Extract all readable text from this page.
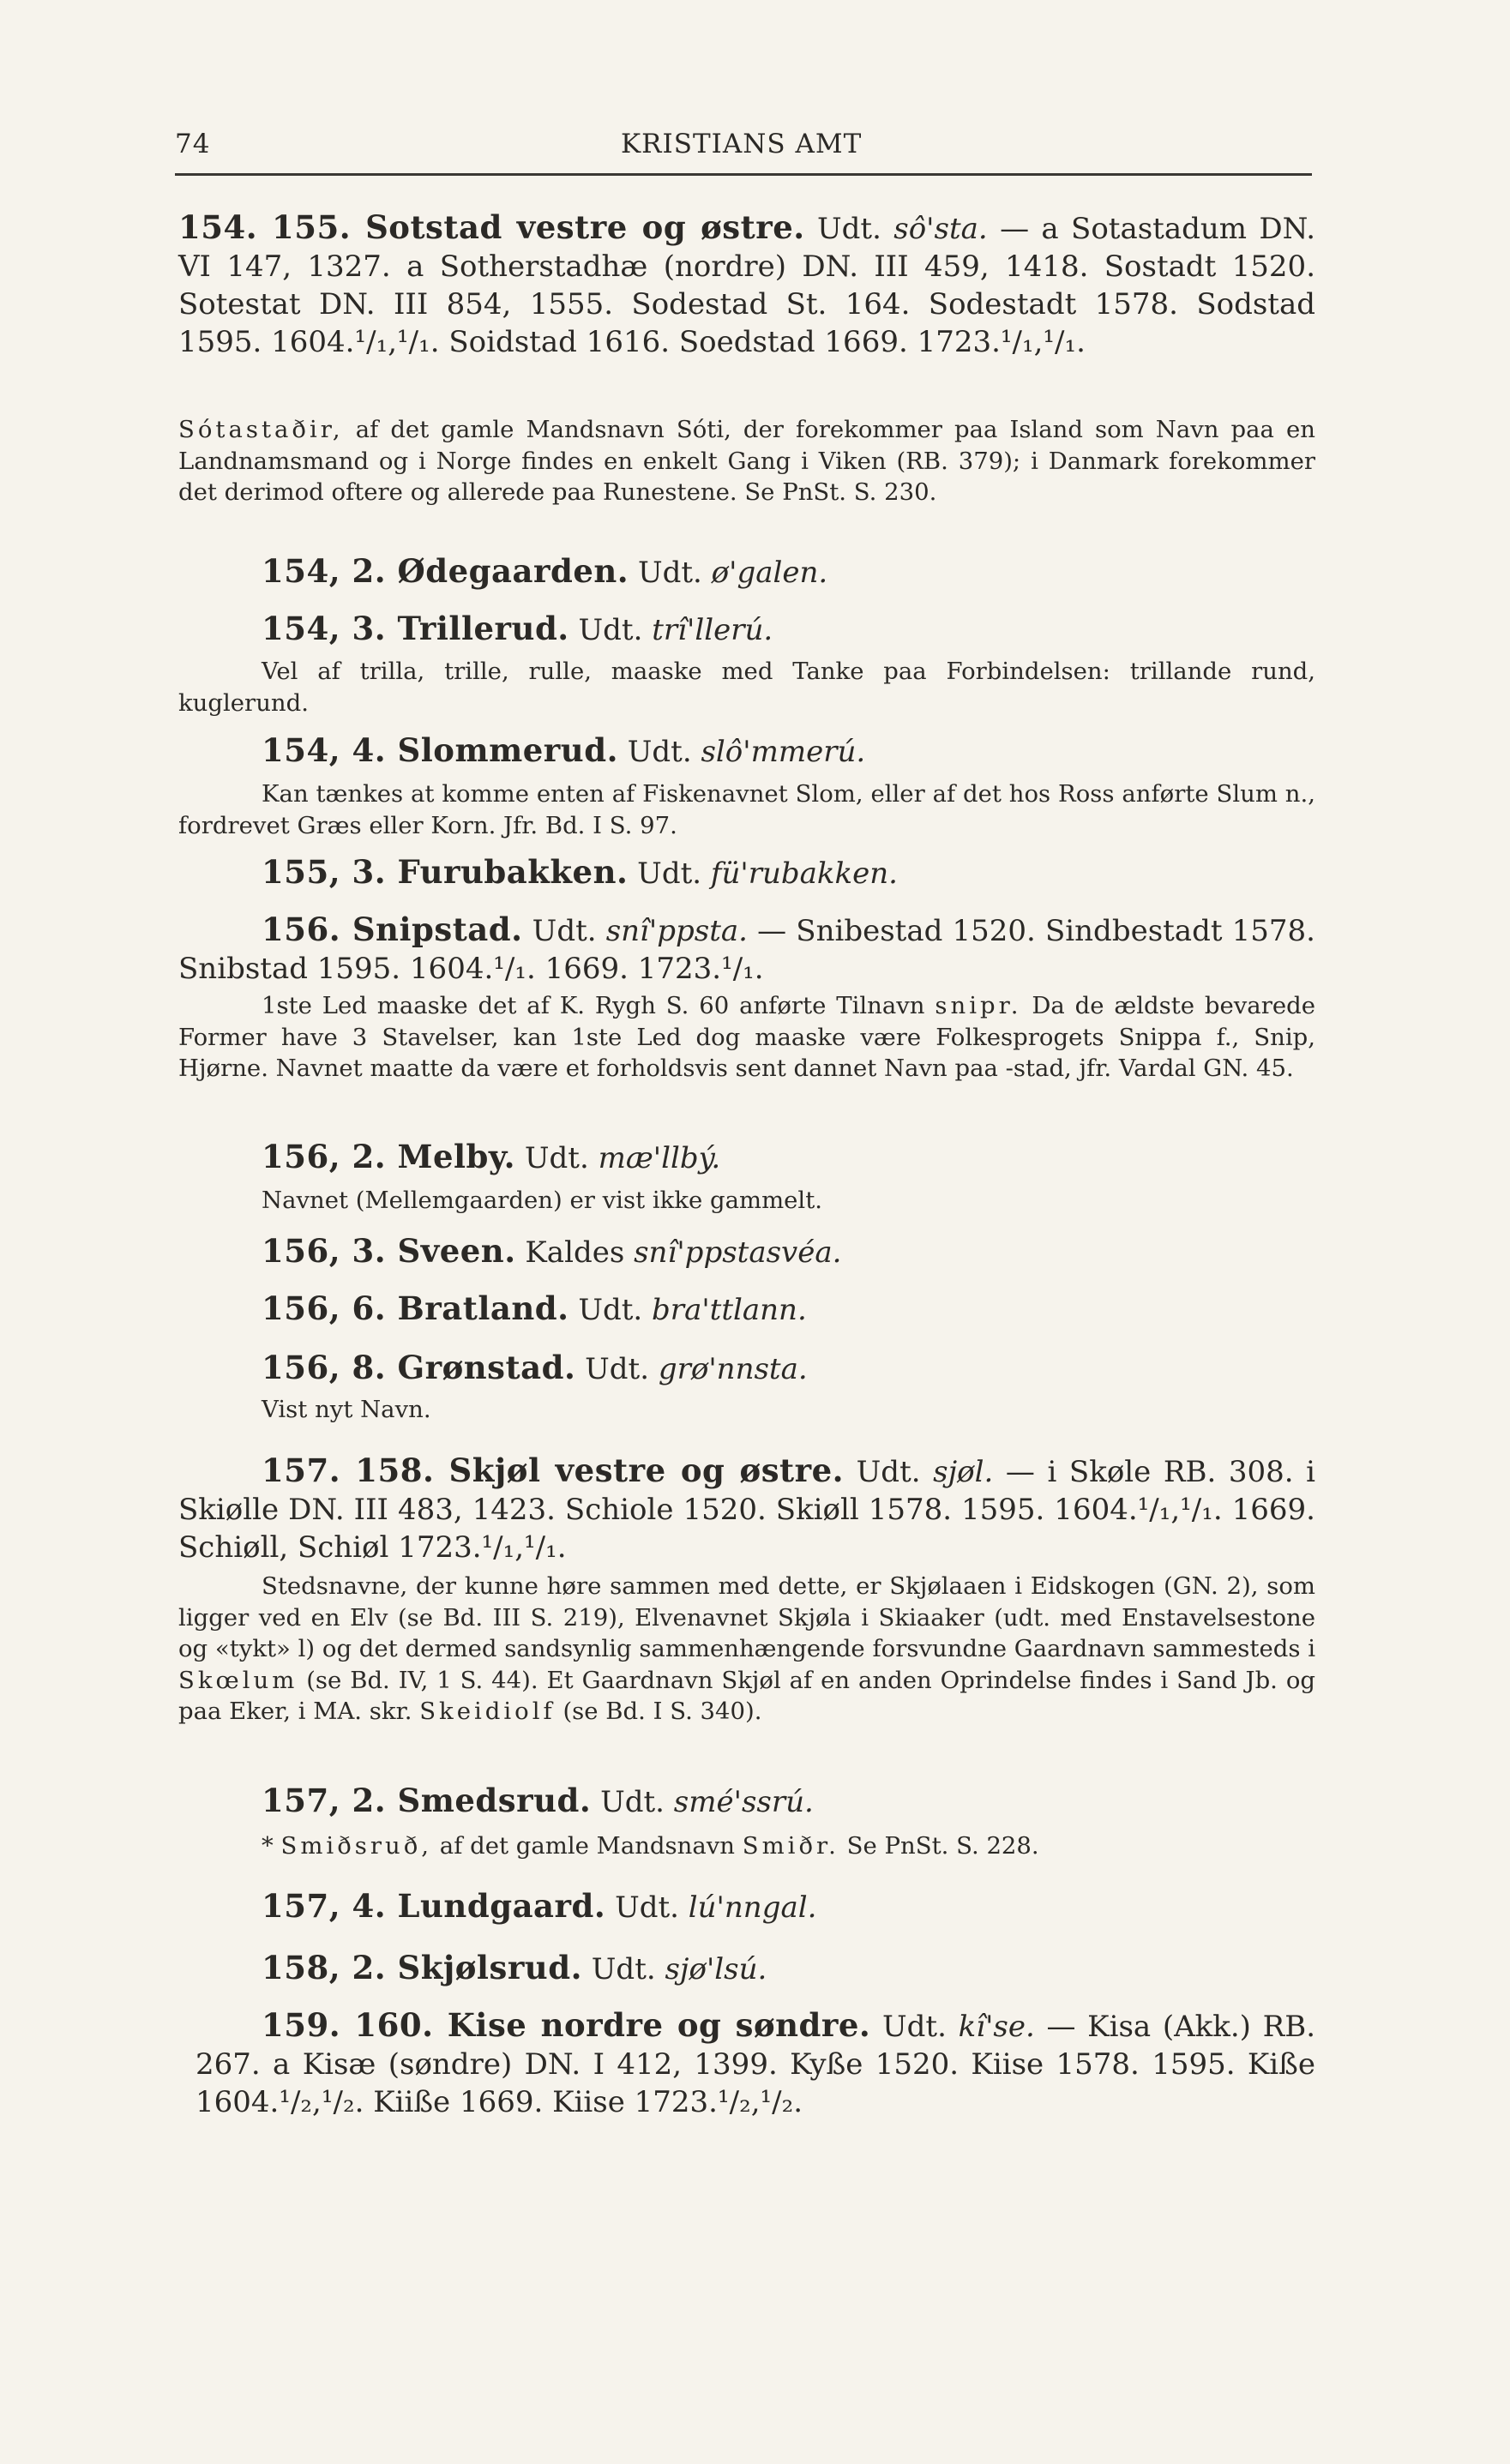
74	KRISTIANS AMT

154. 155. Sotstad vestre og østre. Udt. sô'sta. — a Sotastadum DN. VI 147, 1327. a Sotherstadhæ (nordre) DN. III 459, 1418. Sostadt 1520. Sotestat DN. III 854, 1555. Sodestad St. 164. Sodestadt 1578. Sodstad 1595. 1604.¹/₁,¹/₁. Soidstad 1616. Soedstad 1669. 1723.¹/₁,¹/₁.

Sótastaðir, af det gamle Mandsnavn Sóti, der forekommer paa Island som Navn paa en Landnamsmand og i Norge findes en enkelt Gang i Viken (RB. 379); i Danmark forekommer det derimod oftere og allerede paa Runestene. Se PnSt. S. 230.

154, 2. Ødegaarden. Udt. ø'galen.

154, 3. Trillerud. Udt. trî'llerú.

Vel af trilla, trille, rulle, maaske med Tanke paa Forbindelsen: trillande rund, kuglerund.

154, 4. Slommerud. Udt. slô'mmerú.

Kan tænkes at komme enten af Fiskenavnet Slom, eller af det hos Ross anførte Slum n., fordrevet Græs eller Korn. Jfr. Bd. I S. 97.

155, 3. Furubakken. Udt. fü'rubakken.

156. Snipstad. Udt. snî'ppsta. — Snibestad 1520. Sindbestadt 1578. Snibstad 1595. 1604.¹/₁. 1669. 1723.¹/₁.

1ste Led maaske det af K. Rygh S. 60 anførte Tilnavn snipr. Da de ældste bevarede Former have 3 Stavelser, kan 1ste Led dog maaske være Folkesprogets Snippa f., Snip, Hjørne. Navnet maatte da være et forholdsvis sent dannet Navn paa -stad, jfr. Vardal GN. 45.

156, 2. Melby. Udt. mæ'llbý.

Navnet (Mellemgaarden) er vist ikke gammelt.

156, 3. Sveen. Kaldes snî'ppstasvéa.

156, 6. Bratland. Udt. bra'ttlann.

156, 8. Grønstad. Udt. grø'nnsta.

Vist nyt Navn.

157. 158. Skjøl vestre og østre. Udt. sjøl. — i Skøle RB. 308. i Skiølle DN. III 483, 1423. Schiole 1520. Skiøll 1578. 1595. 1604.¹/₁,¹/₁. 1669. Schiøll, Schiøl 1723.¹/₁,¹/₁.

Stedsnavne, der kunne høre sammen med dette, er Skjølaaen i Eidskogen (GN. 2), som ligger ved en Elv (se Bd. III S. 219), Elvenavnet Skjøla i Skiaaker (udt. med Enstavelsestone og «tykt» l) og det dermed sandsynlig sammenhængende forsvundne Gaardnavn sammesteds i Skœlum (se Bd. IV, 1 S. 44). Et Gaardnavn Skjøl af en anden Oprindelse findes i Sand Jb. og paa Eker, i MA. skr. Skeidiolf (se Bd. I S. 340).

157, 2. Smedsrud. Udt. smé'ssrú.

* Smiðsruð, af det gamle Mandsnavn Smiðr. Se PnSt. S. 228.

157, 4. Lundgaard. Udt. lú'nngal.

158, 2. Skjølsrud. Udt. sjø'lsú.

159. 160. Kise nordre og søndre. Udt. kî'se. — Kisa (Akk.) RB. 267. a Kisæ (søndre) DN. I 412, 1399. Kyße 1520. Kiise 1578. 1595. Kiße 1604.¹/₂,¹/₂. Kiiße 1669. Kiise 1723.¹/₂,¹/₂.
